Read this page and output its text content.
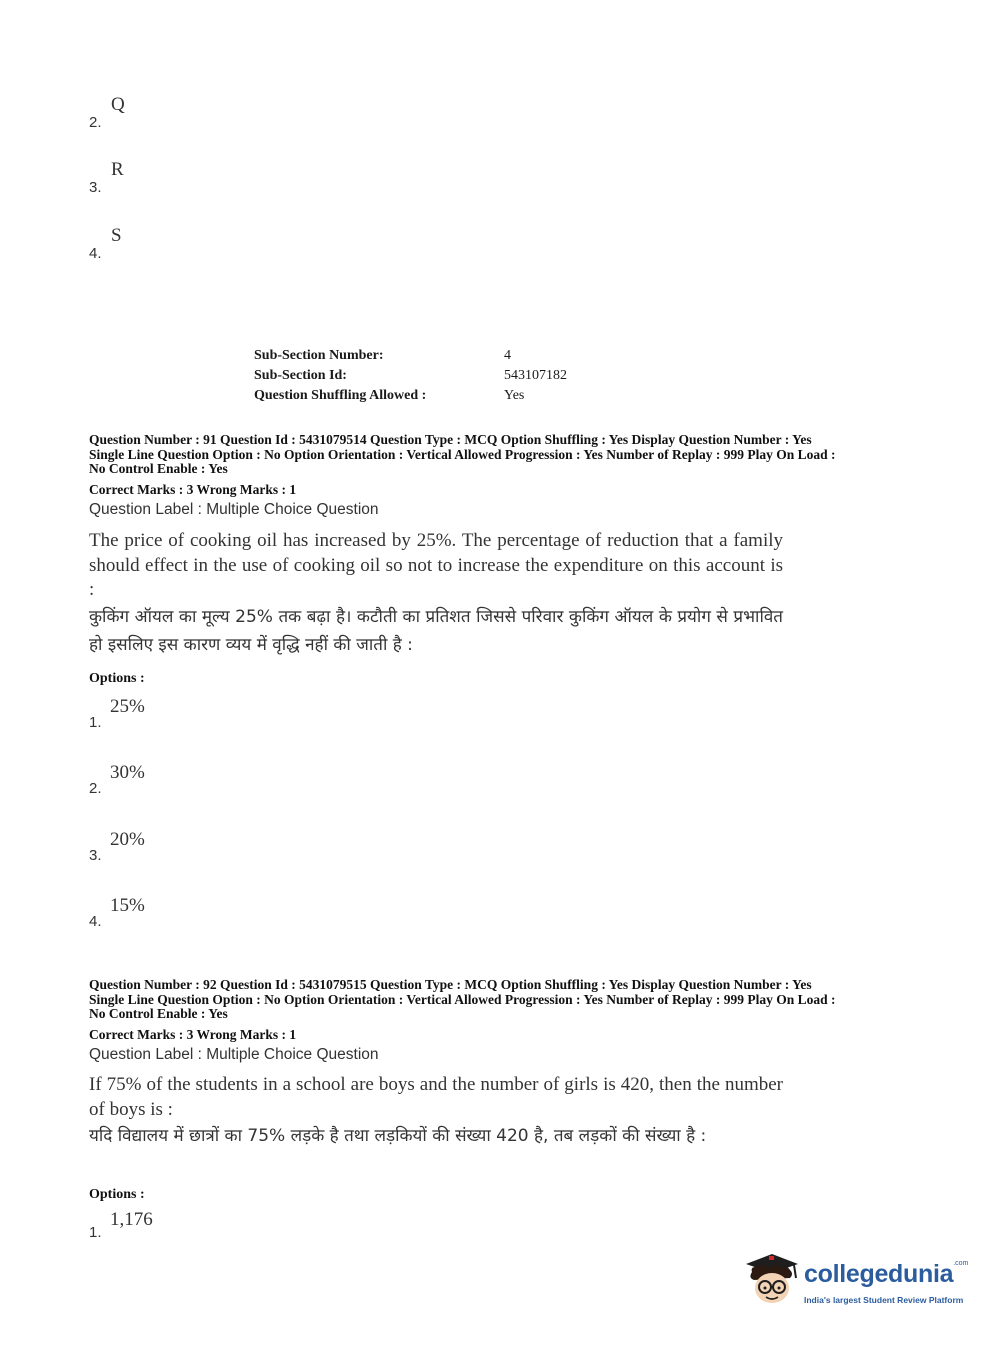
2.
Q
3.
R
4.
S
Sub-Section Number:	4
Sub-Section Id:	543107182
Question Shuffling Allowed :	Yes
Question Number : 91 Question Id : 5431079514 Question Type : MCQ Option Shuffling : Yes Display Question Number : Yes
Single Line Question Option : No Option Orientation : Vertical Allowed Progression : Yes Number of Replay : 999 Play On Load :
No Control Enable : Yes
Correct Marks : 3 Wrong Marks : 1
Question Label : Multiple Choice Question
The price of cooking oil has increased by 25%. The percentage of reduction that a family should effect in the use of cooking oil so not to increase the expenditure on this account is :
कुकिंग ऑयल का मूल्य 25% तक बढ़ा है। कटौती का प्रतिशत जिससे परिवार कुकिंग ऑयल के प्रयोग से प्रभावित हो इसलिए इस कारण व्यय में वृद्धि नहीं की जाती है :
Options :
1.
25%
2.
30%
3.
20%
4.
15%
Question Number : 92 Question Id : 5431079515 Question Type : MCQ Option Shuffling : Yes Display Question Number : Yes
Single Line Question Option : No Option Orientation : Vertical Allowed Progression : Yes Number of Replay : 999 Play On Load :
No Control Enable : Yes
Correct Marks : 3 Wrong Marks : 1
Question Label : Multiple Choice Question
If 75% of the students in a school are boys and the number of girls is 420, then the number of boys is :
यदि विद्यालय में छात्रों का 75% लड़के है तथा लड़कियों की संख्या 420 है, तब लड़कों की संख्या है :
Options :
1.
1,176
collegedunia$^{.com}$
India's largest Student Review Platform
